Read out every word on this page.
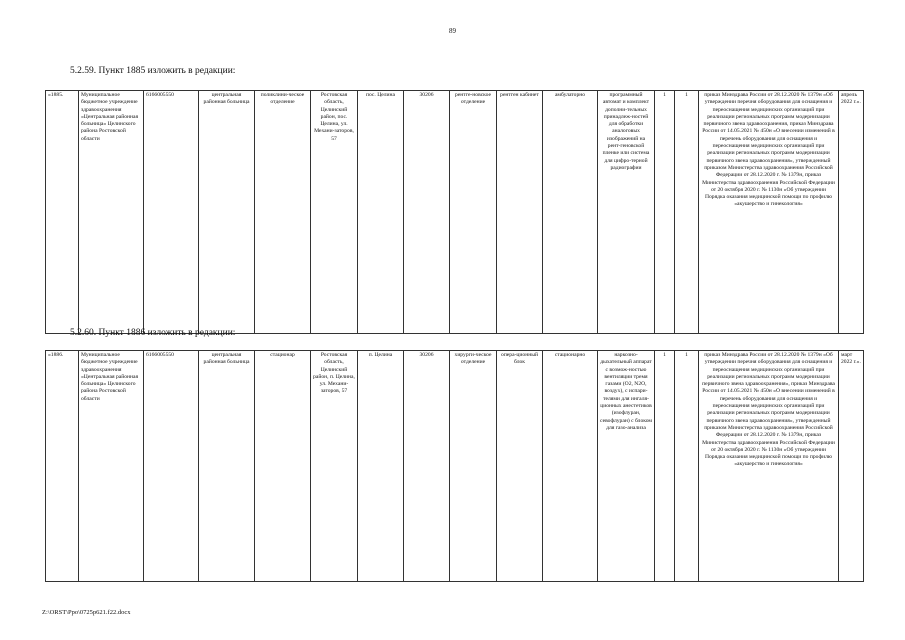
89
5.2.59. Пункт 1885 изложить в редакции:
«1885.	Муниципальное бюджетное учреждение здравоохранения «Центральная районная больница» Целинского района Ростовской области	6166005550	центральная районная больница	поликлини-ческое отделение	Ростовская область, Целинский район, пос. Целина, ул. Механи-заторов, 57	пос. Целина	30206	рентге-новское отделение	рентген кабинет	амбулаторно	программный автомат и комплект дополни-тельных принадлеж-ностей для обработки аналоговых изображений на рент-геновской пленке или система для цифро-терной радиографии	1	1	приказ Минздрава России от 28.12.2020 № 1379н «Об утверждении перечня оборудования для оснащения и переоснащения медицинских организаций при реализации региональных программ модернизации первичного звена здравоохранения, приказ Минздрава России от 14.05.2021 № 450н «О внесении изменений в перечень оборудования для оснащения и переоснащения медицинских организаций при реализации региональных программ модернизации первичного звена здравоохранения», утвержденный приказом Министерства здравоохранения Российской Федерации от 28.12.2020 г. № 1379н, приказ Министерства здравоохранения Российской Федерации от 20 октября 2020 г. № 1130н «Об утверждении Порядка оказания медицинской помощи по профилю «акушерство и гинекология»	апрель 2022 г.».
5.2.60. Пункт 1886 изложить в редакции:
«1886.	Муниципальное бюджетное учреждение здравоохранения «Центральная районная больница» Целинского района Ростовской области	6166005550	центральная районная больница	стационар	Ростовская область, Целинский район, п. Целина, ул. Механи-заторов, 57	п. Целина	30206	хирурги-ческое отделение	опера-ционный блок	стационарно	наркозно-дыхательный аппарат с возмож-ностью вентиляции тремя газами (O2, N2O, воздух), с испари-телями для ингаля-ционных анестетиков (изофлуран, севофлуран) с блоком для газо-анализа	1	1	приказ Минздрава России от 28.12.2020 № 1379н «Об утверждении перечня оборудования для оснащения и переоснащения медицинских организаций при реализации региональных программ модернизации первичного звена здравоохранения», приказ Минздрава России от 14.05.2021 № 450н «О внесении изменений в перечень оборудования для оснащения и переоснащения медицинских организаций при реализации региональных программ модернизации первичного звена здравоохранения», утвержденный приказом Министерства здравоохранения Российской Федерации от 28.12.2020 г. № 1379н, приказ Министерства здравоохранения Российской Федерации от 20 октября 2020 г. № 1130н «Об утверждении Порядка оказания медицинской помощи по профилю «акушерство и гинекология»	март 2022 г.».
Z:\ORST\Ppo\0725p621.f22.docx
